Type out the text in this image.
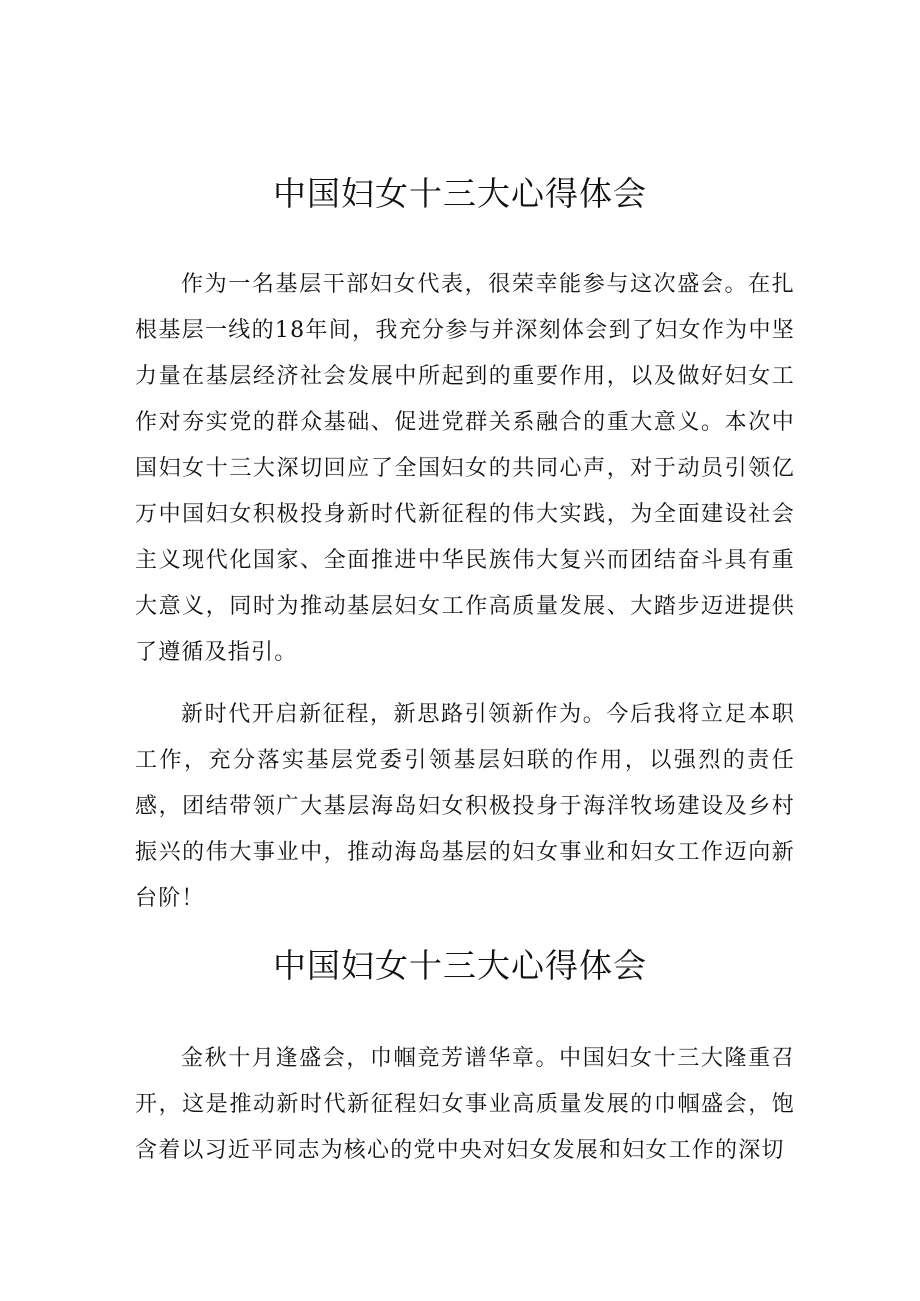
中国妇女十三大心得体会

作为一名基层干部妇女代表，很荣幸能参与这次盛会。在扎根基层一线的18年间，我充分参与并深刻体会到了妇女作为中坚力量在基层经济社会发展中所起到的重要作用，以及做好妇女工作对夯实党的群众基础、促进党群关系融合的重大意义。本次中国妇女十三大深切回应了全国妇女的共同心声，对于动员引领亿万中国妇女积极投身新时代新征程的伟大实践，为全面建设社会主义现代化国家、全面推进中华民族伟大复兴而团结奋斗具有重大意义，同时为推动基层妇女工作高质量发展、大踏步迈进提供了遵循及指引。

新时代开启新征程，新思路引领新作为。今后我将立足本职工作，充分落实基层党委引领基层妇联的作用，以强烈的责任感，团结带领广大基层海岛妇女积极投身于海洋牧场建设及乡村振兴的伟大事业中，推动海岛基层的妇女事业和妇女工作迈向新台阶！

中国妇女十三大心得体会

金秋十月逢盛会，巾帼竞芳谱华章。中国妇女十三大隆重召开，这是推动新时代新征程妇女事业高质量发展的巾帼盛会，饱含着以习近平同志为核心的党中央对妇女发展和妇女工作的深切
